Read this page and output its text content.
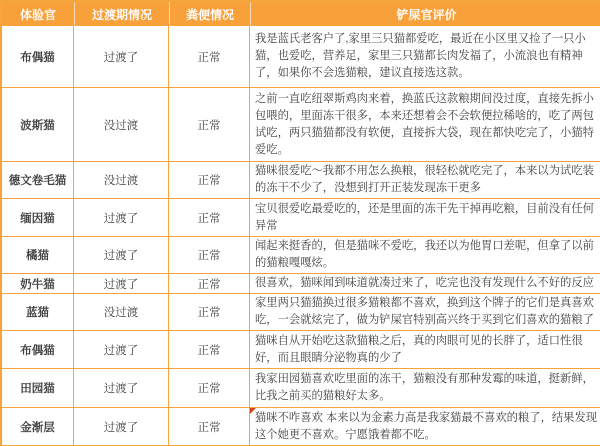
体验官	过渡期情况	粪便情况	铲屎官评价
布偶猫	过渡了	正常	我是蓝氏老客户了,家里三只猫都爱吃，最近在小区里又捡了一只小猫，也爱吃，营养足，家里三只猫都长肉发福了，小流浪也有精神了，如果你不会选猫粮，建议直接选这款。
波斯猫	没过渡	正常	之前一直吃纽翠斯鸡肉来着，换蓝氏这款粮期间没过度，直接先拆小包喂的，里面冻干很多，本来还想着会不会软便拉稀啥的，吃了两包试吃，两只猫猫都没有软便，直接拆大袋，现在都快吃完了，小猫特爱吃。
德文卷毛猫	没过渡	正常	猫咪很爱吃～我都不用怎么换粮，很轻松就吃完了，本来以为试吃装的冻干不少了，没想到打开正装发现冻干更多
缅因猫	过渡了	正常	宝贝很爱吃最爱吃的，还是里面的冻干先干掉再吃粮，目前没有任何异常
橘猫	过渡了	正常	闻起来挺香的，但是猫咪不爱吃，我还以为他胃口差呢，但拿了以前的猫粮嘎嘎炫。
奶牛猫	过渡了	正常	很喜欢，猫咪闻到味道就凑过来了，吃完也没有发现什么不好的反应
蓝猫	没过渡	正常	家里两只猫猫换过很多猫粮都不喜欢，换到这个牌子的它们是真喜欢吃，一会就炫完了，做为铲屎官特别高兴终于买到它们喜欢的猫粮了
布偶猫	过渡了	正常	猫咪自从开始吃这款猫粮之后，真的肉眼可见的长胖了，适口性很好，而且眼睛分泌物真的少了
田园猫	过渡了	正常	我家田园猫喜欢吃里面的冻干，猫粮没有那种发霉的味道，挺新鲜，比我之前买的猫粮好太多。
金渐层	过渡了	正常	猫咪不咋喜欢 本来以为金素力高是我家猫最不喜欢的粮了，结果发现这个她更不喜欢。宁愿饿着都不吃。
